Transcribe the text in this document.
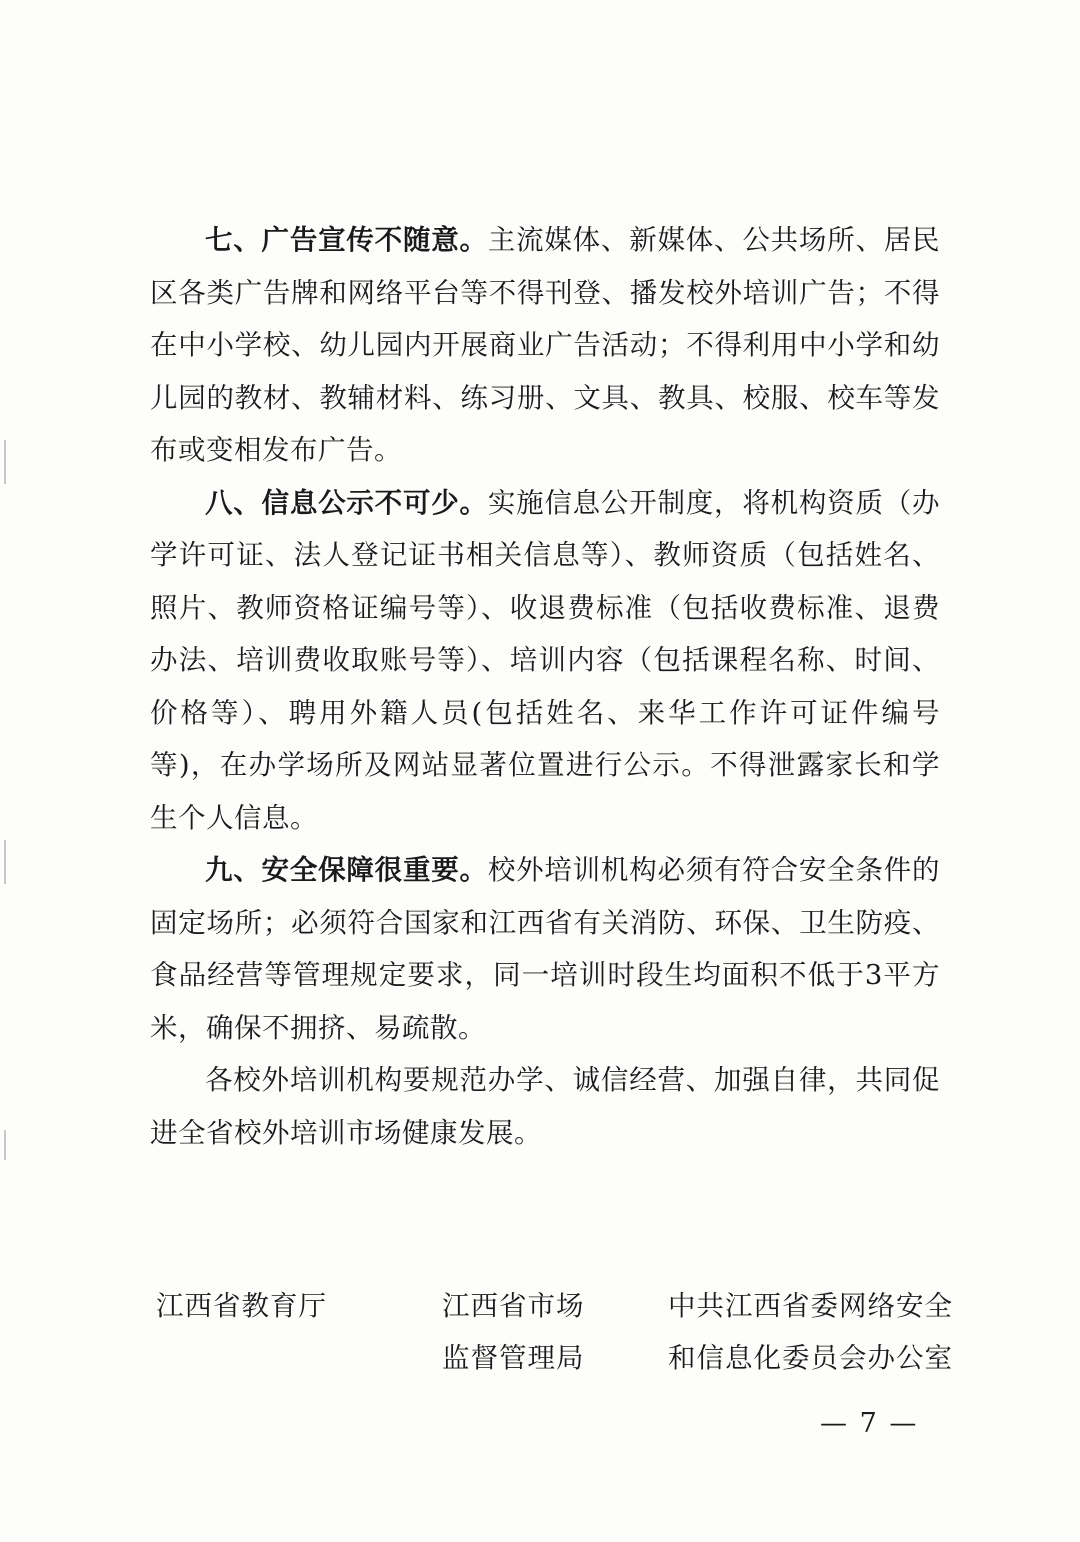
七、广告宣传不随意。主流媒体、新媒体、公共场所、居民区各类广告牌和网络平台等不得刊登、播发校外培训广告；不得在中小学校、幼儿园内开展商业广告活动；不得利用中小学和幼儿园的教材、教辅材料、练习册、文具、教具、校服、校车等发布或变相发布广告。

八、信息公示不可少。实施信息公开制度，将机构资质（办学许可证、法人登记证书相关信息等）、教师资质（包括姓名、照片、教师资格证编号等）、收退费标准（包括收费标准、退费办法、培训费收取账号等）、培训内容（包括课程名称、时间、价格等）、聘用外籍人员(包括姓名、来华工作许可证件编号等)，在办学场所及网站显著位置进行公示。不得泄露家长和学生个人信息。

九、安全保障很重要。校外培训机构必须有符合安全条件的固定场所；必须符合国家和江西省有关消防、环保、卫生防疫、食品经营等管理规定要求，同一培训时段生均面积不低于3平方米，确保不拥挤、易疏散。

各校外培训机构要规范办学、诚信经营、加强自律，共同促进全省校外培训市场健康发展。

江西省教育厅	江西省市场
监督管理局
中共江西省委网络安全
和信息化委员会办公室
— 7 —
